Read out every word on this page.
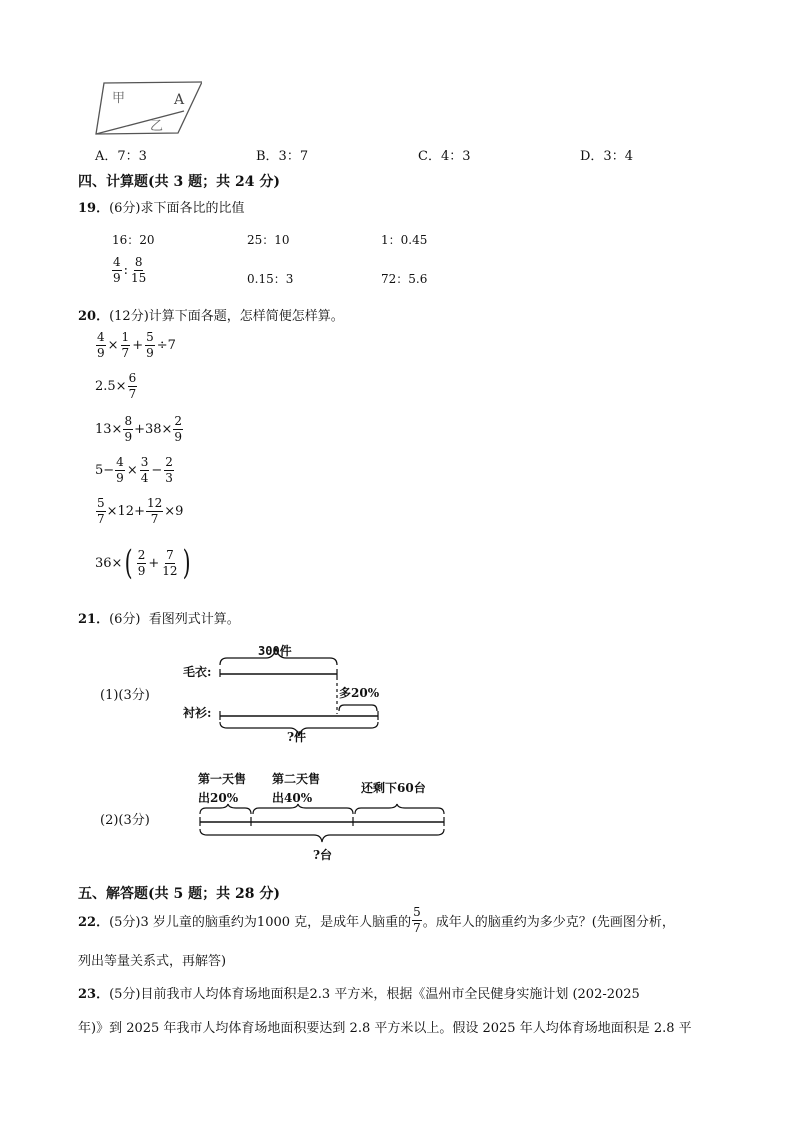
甲
乙
A
A．7：3	B．3：7	C．4：3	D．3：4
四、计算题(共 3 题；共 24 分)
19．(6分)求下面各比的比值
16：20	25：10	1：0.45
$\frac{4}{9}$ : $\frac{8}{15}$	0.15：3	72：5.6
20．(12分)计算下面各题，怎样简便怎样算。
$\frac{4}{9} \times \frac{1}{7} + \frac{5}{9} \div 7$
$2.5\times \frac{6}{7}$
$13\times \frac{8}{9} +38\times \frac{2}{9}$
$5- \frac{4}{9} \times \frac{3}{4} - \frac{2}{3}$
$\frac{5}{7} \times 12+ \frac{12}{7} \times 9$
36× ( $\frac{2}{9} + \frac{7}{12}$ )
21．(6分) 看图列式计算。
(1)(3分)
300件
毛衣:
衬衫:
多20%
?件
(2)(3分)
第一天售
出20%
第二天售
出40%
还剩下60台
?台
五、解答题(共 5 题；共 28 分)
22． (5分) 3 岁儿童的脑重约为1000 克，是成年人脑重的 $\frac{5}{7}$ 。成年人的脑重约为多少克？(先画图分析，
列出等量关系式，再解答)
23．(5分)目前我市人均体育场地面积是2.3 平方米，根据《温州市全民健身实施计划 (202-2025
年)》到 2025 年我市人均体育场地面积要达到 2.8 平方米以上。假设 2025 年人均体育场地面积是 2.8 平
